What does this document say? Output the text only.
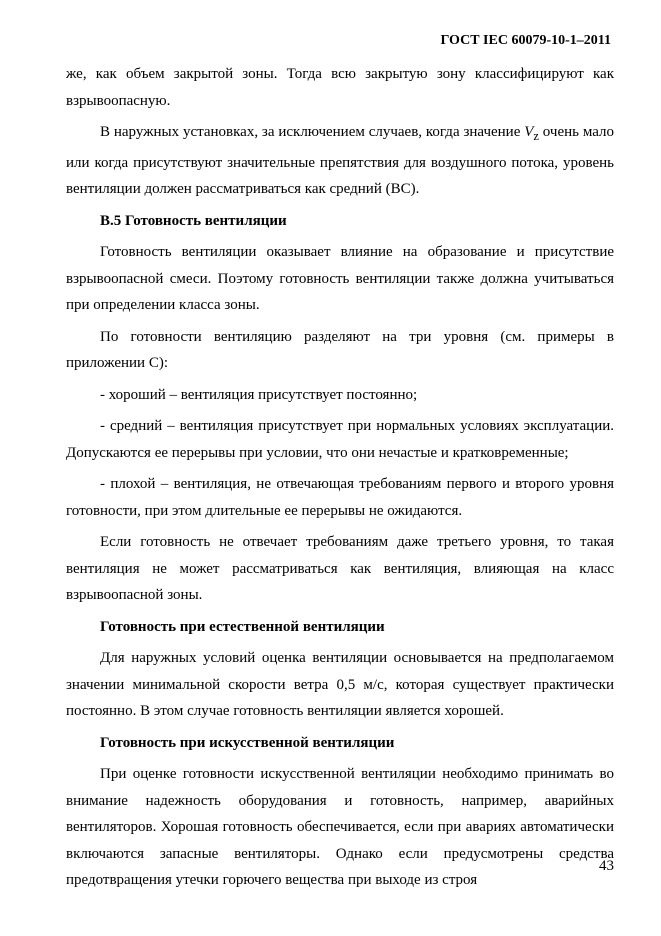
ГОСТ IEC 60079-10-1–2011

же, как объем закрытой зоны. Тогда всю закрытую зону классифицируют как взрывоопасную.

В наружных установках, за исключением случаев, когда значение $V_z$ очень мало или когда присутствуют значительные препятствия для воздушного потока, уровень вентиляции должен рассматриваться как средний (ВС).

В.5 Готовность вентиляции

Готовность вентиляции оказывает влияние на образование и присутствие взрывоопасной смеси. Поэтому готовность вентиляции также должна учитываться при определении класса зоны.

По готовности вентиляцию разделяют на три уровня (см. примеры в приложении С):

- хороший – вентиляция присутствует постоянно;

- средний – вентиляция присутствует при нормальных условиях эксплуатации. Допускаются ее перерывы при условии, что они нечастые и кратковременные;

- плохой – вентиляция, не отвечающая требованиям первого и второго уровня готовности, при этом длительные ее перерывы не ожидаются.

Если готовность не отвечает требованиям даже третьего уровня, то такая вентиляция не может рассматриваться как вентиляция, влияющая на класс взрывоопасной зоны.

Готовность при естественной вентиляции

Для наружных условий оценка вентиляции основывается на предполагаемом значении минимальной скорости ветра 0,5 м/с, которая существует практически постоянно. В этом случае готовность вентиляции является хорошей.

Готовность при искусственной вентиляции

При оценке готовности искусственной вентиляции необходимо принимать во внимание надежность оборудования и готовность, например, аварийных вентиляторов. Хорошая готовность обеспечивается, если при авариях автоматически включаются запасные вентиляторы. Однако если предусмотрены средства предотвращения утечки горючего вещества при выходе из строя

43
